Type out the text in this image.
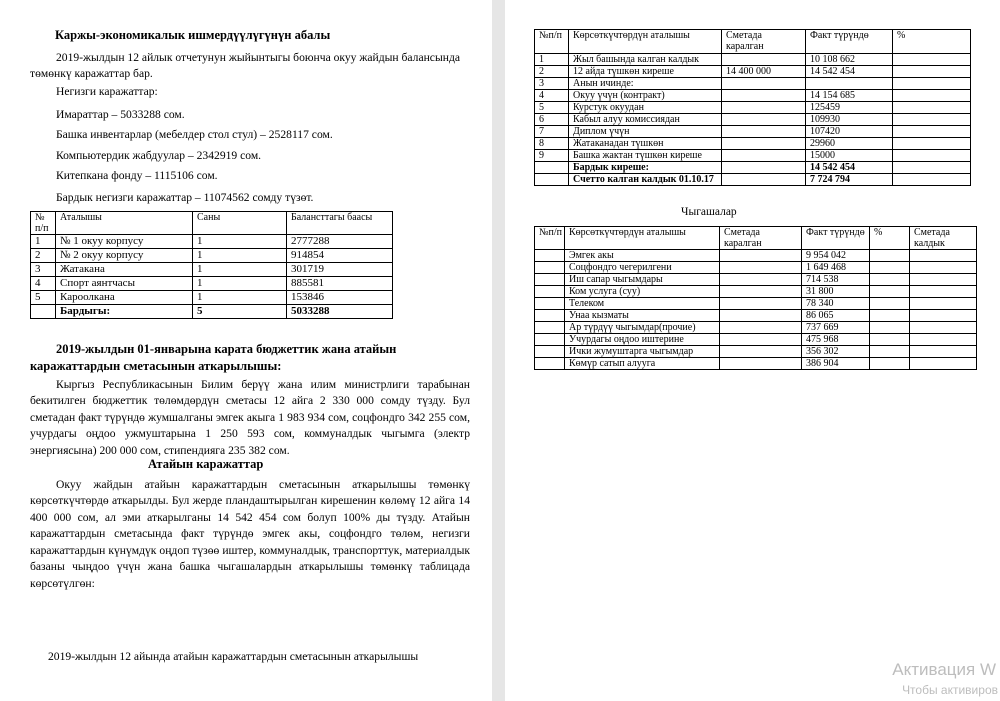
Каржы-экономикалык ишмердүүлүгүнүн абалы

2019-жылдын 12 айлык отчетунун жыйынтыгы боюнча окуу жайдын балансында төмөнкү каражаттар бар.

Негизги каражаттар:

Имараттар – 5033288 сом.

Башка инвентарлар (мебелдер стол стул) – 2528117 сом.

Компьютердик жабдуулар – 2342919 сом.

Китепкана фонду – 1115106 сом.

Бардык негизги каражаттар – 11074562 сомду түзөт.

№ п/п	Аталышы	Саны	Балансттагы баасы
1	№ 1 окуу корпусу	1	2777288
2	№ 2 окуу корпусу	1	914854
3	Жатакана	1	301719
4	Спорт аянтчасы	1	885581
5	Кароолкана	1	153846
	Бардыгы:	5	5033288

2019-жылдын 01-январына карата бюджеттик жана атайын каражаттардын сметасынын аткарылышы:

Кыргыз Республикасынын Билим берүү жана илим министрлиги тарабынан бекитилген бюджеттик төлөмдөрдүн сметасы 12 айга 2 330 000 сомду түзду. Бул сметадан факт түрүндө жумшалганы эмгек акыга 1 983 934 сом, соцфондго 342 255 сом, учурдагы оңдоо ужмуштарына 1 250 593 сом, коммуналдык чыгымга (электр энергиясына) 200 000 сом, стипендияга 235 382 сом.

Атайын каражаттар

Окуу жайдын атайын каражаттардын сметасынын аткарылышы төмөнкү көрсөткүчтөрдө аткарылды. Бул жерде пландаштырылган кирешенин көлөмү 12 айга 14 400 000 сом, ал эми аткарылганы 14 542 454 сом болуп 100% ды түзду. Атайын каражаттардын сметасында факт түрүндө эмгек акы, соцфондго төлөм, негизги каражаттардын күнүмдүк оңдоп түзөө иштер, коммуналдык, транспорттук, материалдык базаны чыңдоо үчүн жана башка чыгашалардын аткарылышы төмөнкү таблицада көрсөтүлгөн:

2019-жылдын 12 айында атайын каражаттардын сметасынын аткарылышы

№п/п	Көрсөткүчтөрдүн аталышы	Сметада каралган	Факт түрүндө	%
1	Жыл башында калган калдык		10 108 662	
2	12 айда түшкөн киреше	14 400 000	14 542 454	
3	Анын ичинде:			
4	Окуу үчүн (контракт)		14 154 685	
5	Курстук окуудан		125459	
6	Кабыл алуу комиссиядан		109930	
7	Диплом үчүн		107420	
8	Жатаканадан түшкөн		29960	
9	Башка жактан түшкөн киреше		15000	
	Бардык киреше:		14 542 454	
	Счетто калган калдык 01.10.17		7 724 794	
Чыгашалар
№п/п	Көрсөткүчтөрдүн аталышы	Сметада каралган	Факт түрүндө	%	Сметада калдык
	Эмгек акы		9 954 042		
	Соцфондго чегерилгени		1 649 468		
	Иш сапар чыгымдары		714 538		
	Ком услуга (суу)		31 800		
	Телеком		78 340		
	Унаа кызматы		86 065		
	Ар түрдүү чыгымдар(прочие)		737 669		
	Учурдагы оңдоо иштерине		475 968		
	Ички жумуштарга чыгымдар		356 302		
	Көмүр сатып алууга		386 904		
Активация W
Чтобы активиров
